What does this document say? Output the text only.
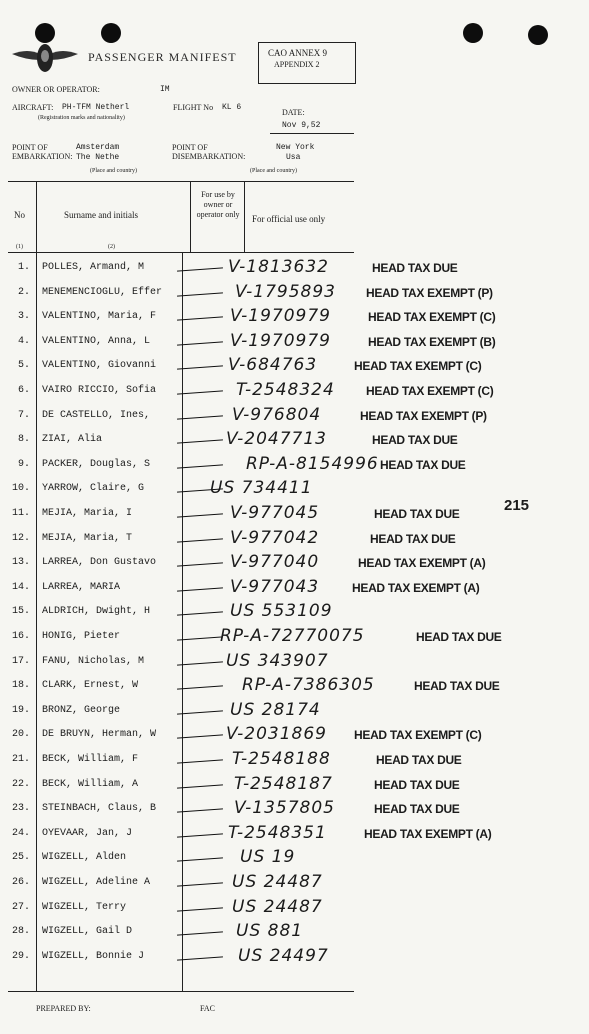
PASSENGER MANIFEST	CAO ANNEX 9
APPENDIX 2
OWNER OR OPERATOR:	IM
AIRCRAFT: PH-TFM Netherl	FLIGHT No KL 6
(Registration marks and nationality)
DATE:
Nov 9,52
POINT OF EMBARKATION:
Amsterdam
The Nethe
(Place and country)
POINT OF DISEMBARKATION:
New York
Usa
(Place and country)
No	Surname and initials
For use by owner or operator only For official use only
(1)	(2)
215
1. POLLES, Armand, M	V-1813632	HEAD TAX DUE
2. MENEMENCIOGLU, Effer	V-1795893	HEAD TAX EXEMPT (P)
3. VALENTINO, Maria, F	V-1970979	HEAD TAX EXEMPT (C)
4. VALENTINO, Anna, L	V-1970979	HEAD TAX EXEMPT (B)
5. VALENTINO, Giovanni	V-684763	HEAD TAX EXEMPT (C)
6. VAIRO RICCIO, Sofia	T-2548324	HEAD TAX EXEMPT (C)
7. DE CASTELLO, Ines,	V-976804	HEAD TAX EXEMPT (P)
8. ZIAI, Alia	V-2047713	HEAD TAX DUE
9. PACKER, Douglas, S	RP-A-8154996 HEAD TAX DUE
10. YARROW, Claire, G	US 734411
11. MEJIA, Maria, I	V-977045	HEAD TAX DUE
12. MEJIA, Maria, T	V-977042	HEAD TAX DUE
13. LARREA, Don Gustavo	V-977040	HEAD TAX EXEMPT (A)
14. LARREA, MARIA	V-977043	HEAD TAX EXEMPT (A)
15. ALDRICH, Dwight, H	US 553109
16. HONIG, Pieter	RP-A-72770075	HEAD TAX DUE
17. FANU, Nicholas, M	US 343907
18. CLARK, Ernest, W	RP-A-7386305	HEAD TAX DUE
19. BRONZ, George	US 28174
20. DE BRUYN, Herman, W	V-2031869 HEAD TAX EXEMPT (C)
21. BECK, William, F	T-2548188	HEAD TAX DUE
22. BECK, William, A	T-2548187	HEAD TAX DUE
23. STEINBACH, Claus, B	V-1357805	HEAD TAX DUE
24. OYEVAAR, Jan, J	T-2548351	HEAD TAX EXEMPT (A)
25. WIGZELL, Alden	US 19
26. WIGZELL, Adeline A	US 24487
27. WIGZELL, Terry	US 24487
28. WIGZELL, Gail D	US 881
29. WIGZELL, Bonnie J	US 24497
PREPARED BY:	FAC
